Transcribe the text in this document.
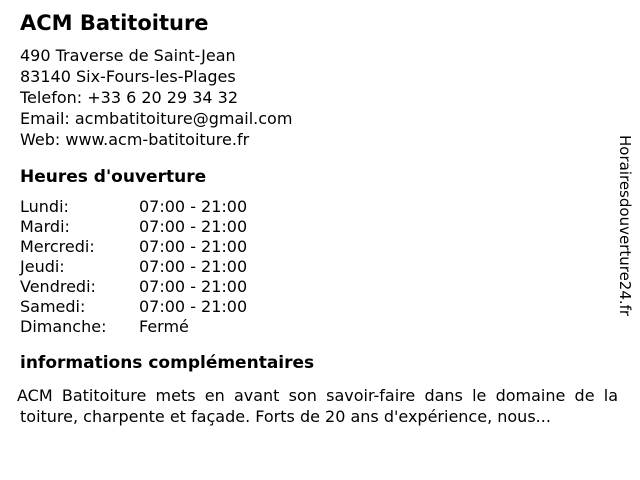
ACM Batitoiture
490 Traverse de Saint-Jean
83140 Six-Fours-les-Plages
Telefon: +33 6 20 29 34 32
Email: acmbatitoiture@gmail.com
Web: www.acm-batitoiture.fr
Heures d'ouverture
Lundi:	07:00 - 21:00
Mardi:	07:00 - 21:00
Mercredi:	07:00 - 21:00
Jeudi:	07:00 - 21:00
Vendredi:	07:00 - 21:00
Samedi:	07:00 - 21:00
Dimanche:	Fermé
informations complémentaires
ACM Batitoiture mets en avant son savoir-faire dans le domaine de la
toiture, charpente et façade. Forts de 20 ans d'expérience, nous...
Horairesdouverture24.fr
